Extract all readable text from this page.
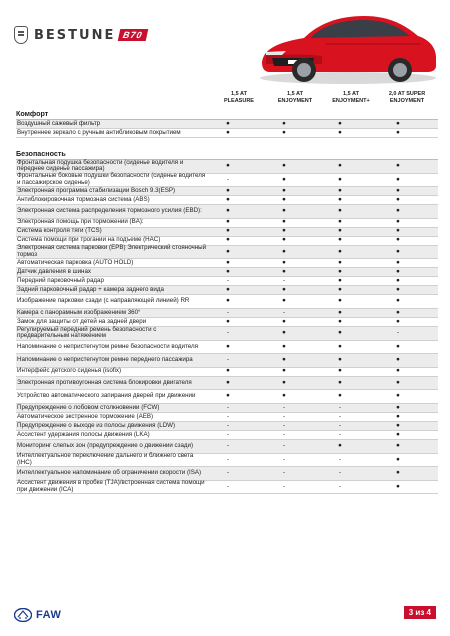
BESTUNE B70
1,5 AT
PLEASURE
1,5 AT
ENJOYMENT
1,5 AT
ENJOYMENT+
2,0 AT SUPER
ENJOYMENT
Комфорт
Воздушный сажевый фильтр	●	●	●	●
Внутреннее зеркало с ручным антибликовым покрытием	●	●	●	●
Безопасность
Фронтальная подушка безопасности (сиденье водителя и переднее сиденье пассажира)	●	●	●	●
Фронтальные боковые подушки безопасности (сиденье водителя и пассажирское сиденье)	-	●	●	●
Электронная программа стабилизации Bosch 9.3(ESP)	●	●	●	●
Антиблокировочная тормозная система (ABS)	●	●	●	●
Электронная система распределения тормозного усилия (EBD):	●	●	●	●
Электронная помощь при торможении (BA):	●	●	●	●
Система контроля тяги (TCS)	●	●	●	●
Система помощи при трогании на подъеме (HAC)	●	●	●	●
Электронная система парковки (EPB) Электрический стояночный тормоз	●	●	●	●
Автоматическая парковка (AUTO HOLD)	●	●	●	●
Датчик давления в шинах	●	●	●	●
Передний парковочный радар	-	-	●	●
Задний парковочный радар + камера заднего вида	●	●	●	●
Изображение парковки сзади (с направляющей линией) RR	●	●	●	●
Камера с панорамным изображением 360°	-	-	●	●
Замок для защиты от детей на задней двери	●	●	●	●
Регулируемый передний ремень безопасности с предварительным натяжением	-	●	●	-
Напоминание о непристегнутом ремне безопасности водителя	●	●	●	●
Напоминание о непристегнутом ремне переднего пассажира	-	●	●	●
Интерфейс детского сиденья (isofix)	●	●	●	●
Электронная противоугонная система блокировки двигателя	●	●	●	●
Устройство автоматического запирания дверей при движении	●	●	●	●
Предупреждение о лобовом столкновении (FCW)	-	-	-	●
Автоматическое экстренное торможение (AEB)	-	-	-	●
Предупреждение о выходе из полосы движения (LDW)	-	-	-	●
Ассистент удержания полосы движения (LKA)	-	-	-	●
Мониторинг слепых зон (предупреждение о движении сзади)	-	-	●	●
Интеллектуальное переключение дальнего и ближнего света (IHC)	-	-	-	●
Интеллектуальное напоминание об ограничении скорости (ISA)	-	-	-	●
Ассистент движения в пробке (TJA)/встроенная система помощи при движении (ICA)	-	-	-	●
FAW	3 из 4
